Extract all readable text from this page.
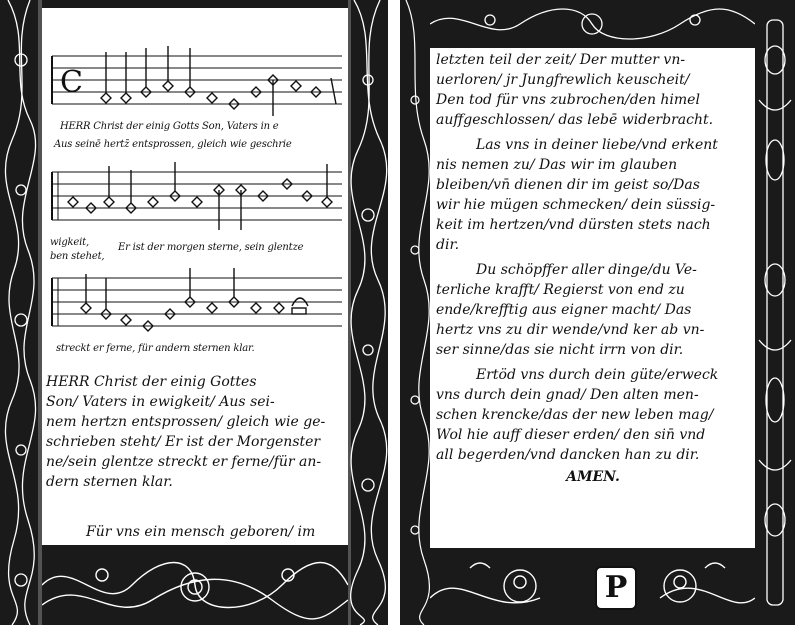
C
HERR Christ der einig Gotts Son, Vaters in e
Aus seinē hertz̄ entsprossen, gleich wie geschrie
wigkeit,
ben stehet,
Er ist der morgen sterne, sein glentze
streckt er ferne, für andern sternen klar.

HERR Christ der einig Gottes

Son/ Vaters in ewigkeit/ Aus sei-

nem hertzn entsprossen/ gleich wie ge-

schrieben steht/ Er ist der Morgenster

ne/sein glentze streckt er ferne/für an-

dern sternen klar.

Für vns ein mensch geboren/ im
P

letzten teil der zeit/ Der mutter vn-

uerloren/ jr Jungfrewlich keuscheit/

Den tod für vns zubrochen/den himel

auffgeschlossen/ das lebē widerbracht.

Las vns in deiner liebe/vnd erkent

nis nemen zu/ Das wir im glauben

bleiben/vn̄ dienen dir im geist so/Das

wir hie mügen schmecken/ dein süssig-

keit im hertzen/vnd dürsten stets nach

dir.

Du schöpffer aller dinge/du Ve-

terliche krafft/ Regierst von end zu

ende/krefftig aus eigner macht/ Das

hertz vns zu dir wende/vnd ker ab vn-

ser sinne/das sie nicht irrn von dir.

Ertöd vns durch dein güte/erweck

vns durch dein gnad/ Den alten men-

schen krencke/das der new leben mag/

Wol hie auff dieser erden/ den sin̄ vnd

all begerden/vnd dancken han zu dir.

AMEN.
